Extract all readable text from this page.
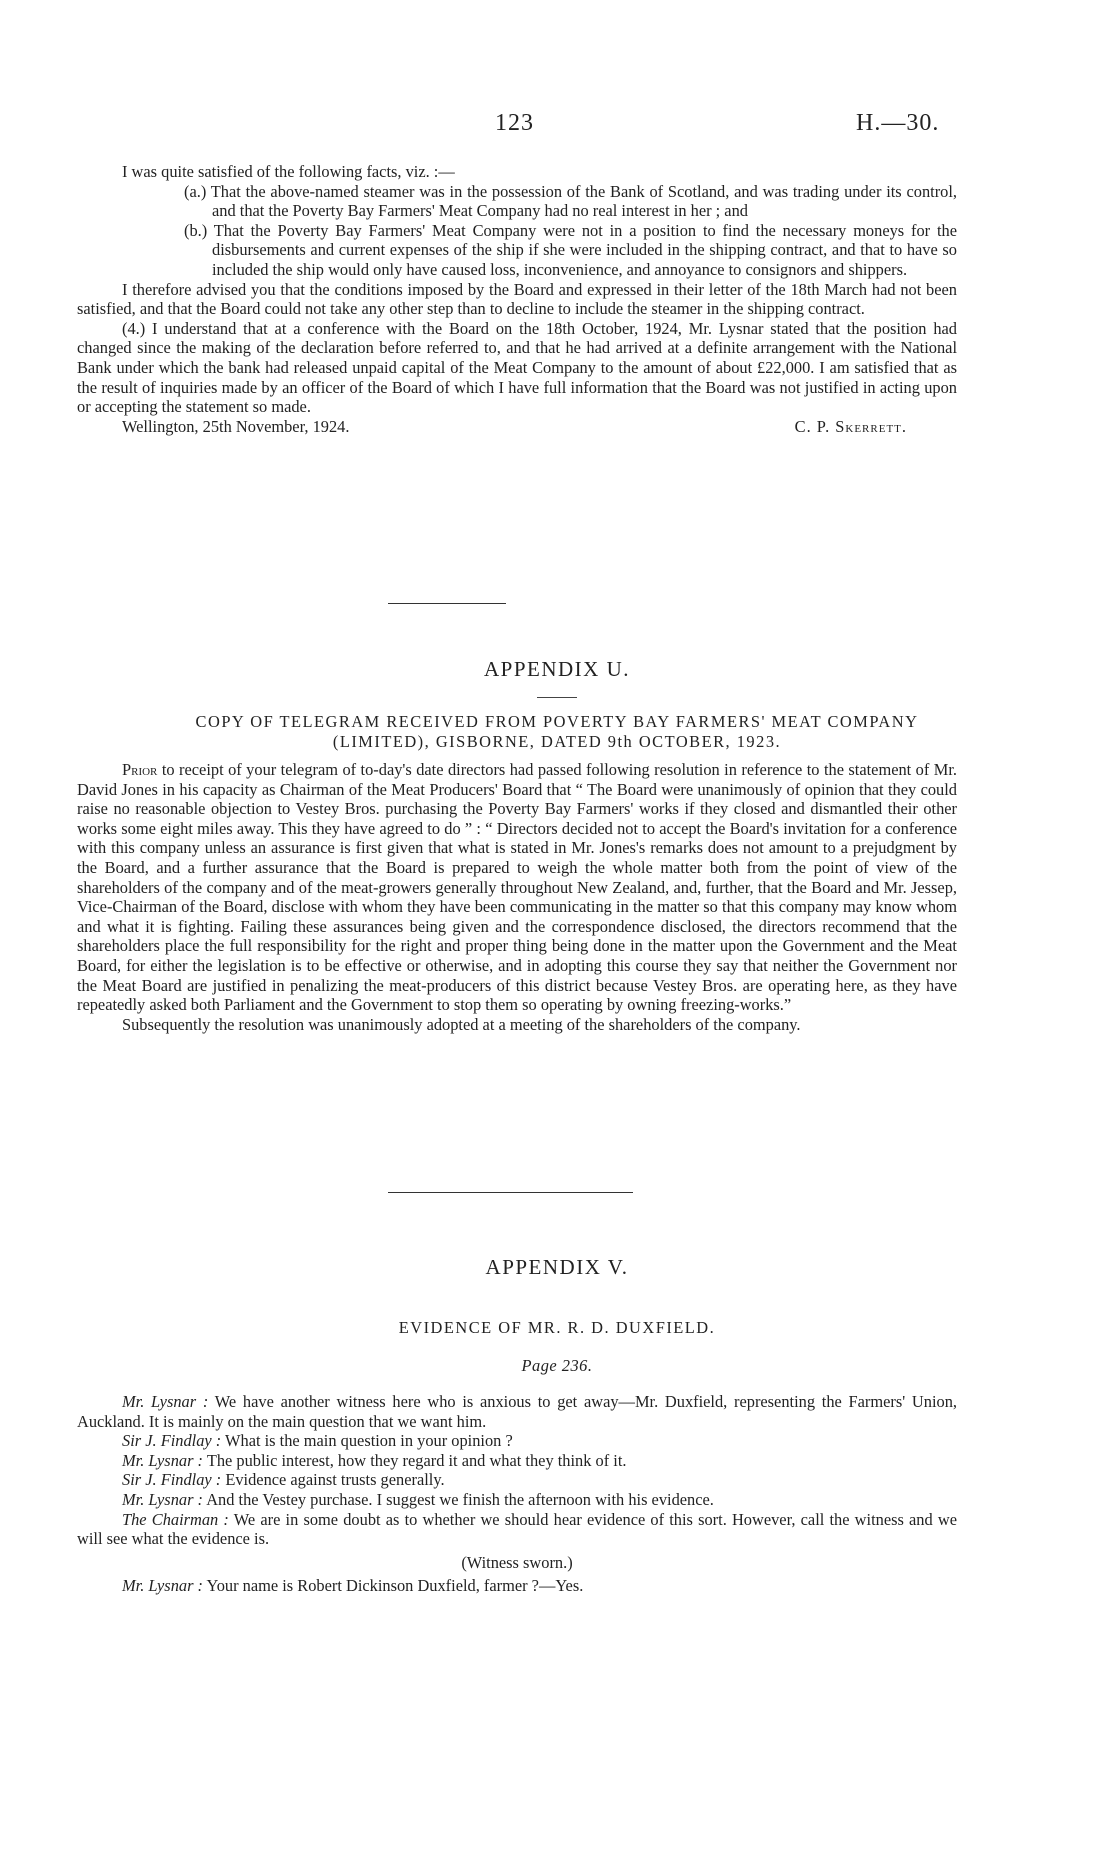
123	H.—30.

I was quite satisfied of the following facts, viz. :—

(a.) That the above-named steamer was in the possession of the Bank of Scotland, and was trading under its control, and that the Poverty Bay Farmers' Meat Company had no real interest in her ; and

(b.) That the Poverty Bay Farmers' Meat Company were not in a position to find the necessary moneys for the disbursements and current expenses of the ship if she were included in the shipping contract, and that to have so included the ship would only have caused loss, inconvenience, and annoyance to consignors and shippers.

I therefore advised you that the conditions imposed by the Board and expressed in their letter of the 18th March had not been satisfied, and that the Board could not take any other step than to decline to include the steamer in the shipping contract.

(4.) I understand that at a conference with the Board on the 18th October, 1924, Mr. Lysnar stated that the position had changed since the making of the declaration before referred to, and that he had arrived at a definite arrangement with the National Bank under which the bank had released unpaid capital of the Meat Company to the amount of about £22,000. I am satisfied that as the result of inquiries made by an officer of the Board of which I have full information that the Board was not justified in acting upon or accepting the statement so made.

Wellington, 25th November, 1924.	C. P. Skerrett.
APPENDIX U.
COPY OF TELEGRAM RECEIVED FROM POVERTY BAY FARMERS' MEAT COMPANY
(LIMITED), GISBORNE, DATED 9th OCTOBER, 1923.

Prior to receipt of your telegram of to-day's date directors had passed following resolution in reference to the statement of Mr. David Jones in his capacity as Chairman of the Meat Producers' Board that “ The Board were unanimously of opinion that they could raise no reasonable objection to Vestey Bros. purchasing the Poverty Bay Farmers' works if they closed and dismantled their other works some eight miles away. This they have agreed to do ” : “ Directors decided not to accept the Board's invitation for a conference with this company unless an assurance is first given that what is stated in Mr. Jones's remarks does not amount to a prejudgment by the Board, and a further assurance that the Board is prepared to weigh the whole matter both from the point of view of the shareholders of the company and of the meat-growers generally throughout New Zealand, and, further, that the Board and Mr. Jessep, Vice-Chairman of the Board, disclose with whom they have been communicating in the matter so that this company may know whom and what it is fighting. Failing these assurances being given and the correspondence disclosed, the directors recommend that the shareholders place the full responsibility for the right and proper thing being done in the matter upon the Government and the Meat Board, for either the legislation is to be effective or otherwise, and in adopting this course they say that neither the Government nor the Meat Board are justified in penalizing the meat-producers of this district because Vestey Bros. are operating here, as they have repeatedly asked both Parliament and the Government to stop them so operating by owning freezing-works.”

Subsequently the resolution was unanimously adopted at a meeting of the shareholders of the company.

APPENDIX V.
EVIDENCE OF MR. R. D. DUXFIELD.
Page 236.

Mr. Lysnar : We have another witness here who is anxious to get away—Mr. Duxfield, representing the Farmers' Union, Auckland. It is mainly on the main question that we want him.

Sir J. Findlay : What is the main question in your opinion ?

Mr. Lysnar : The public interest, how they regard it and what they think of it.

Sir J. Findlay : Evidence against trusts generally.

Mr. Lysnar : And the Vestey purchase. I suggest we finish the afternoon with his evidence.

The Chairman : We are in some doubt as to whether we should hear evidence of this sort. However, call the witness and we will see what the evidence is.

(Witness sworn.)

Mr. Lysnar : Your name is Robert Dickinson Duxfield, farmer ?—Yes.
